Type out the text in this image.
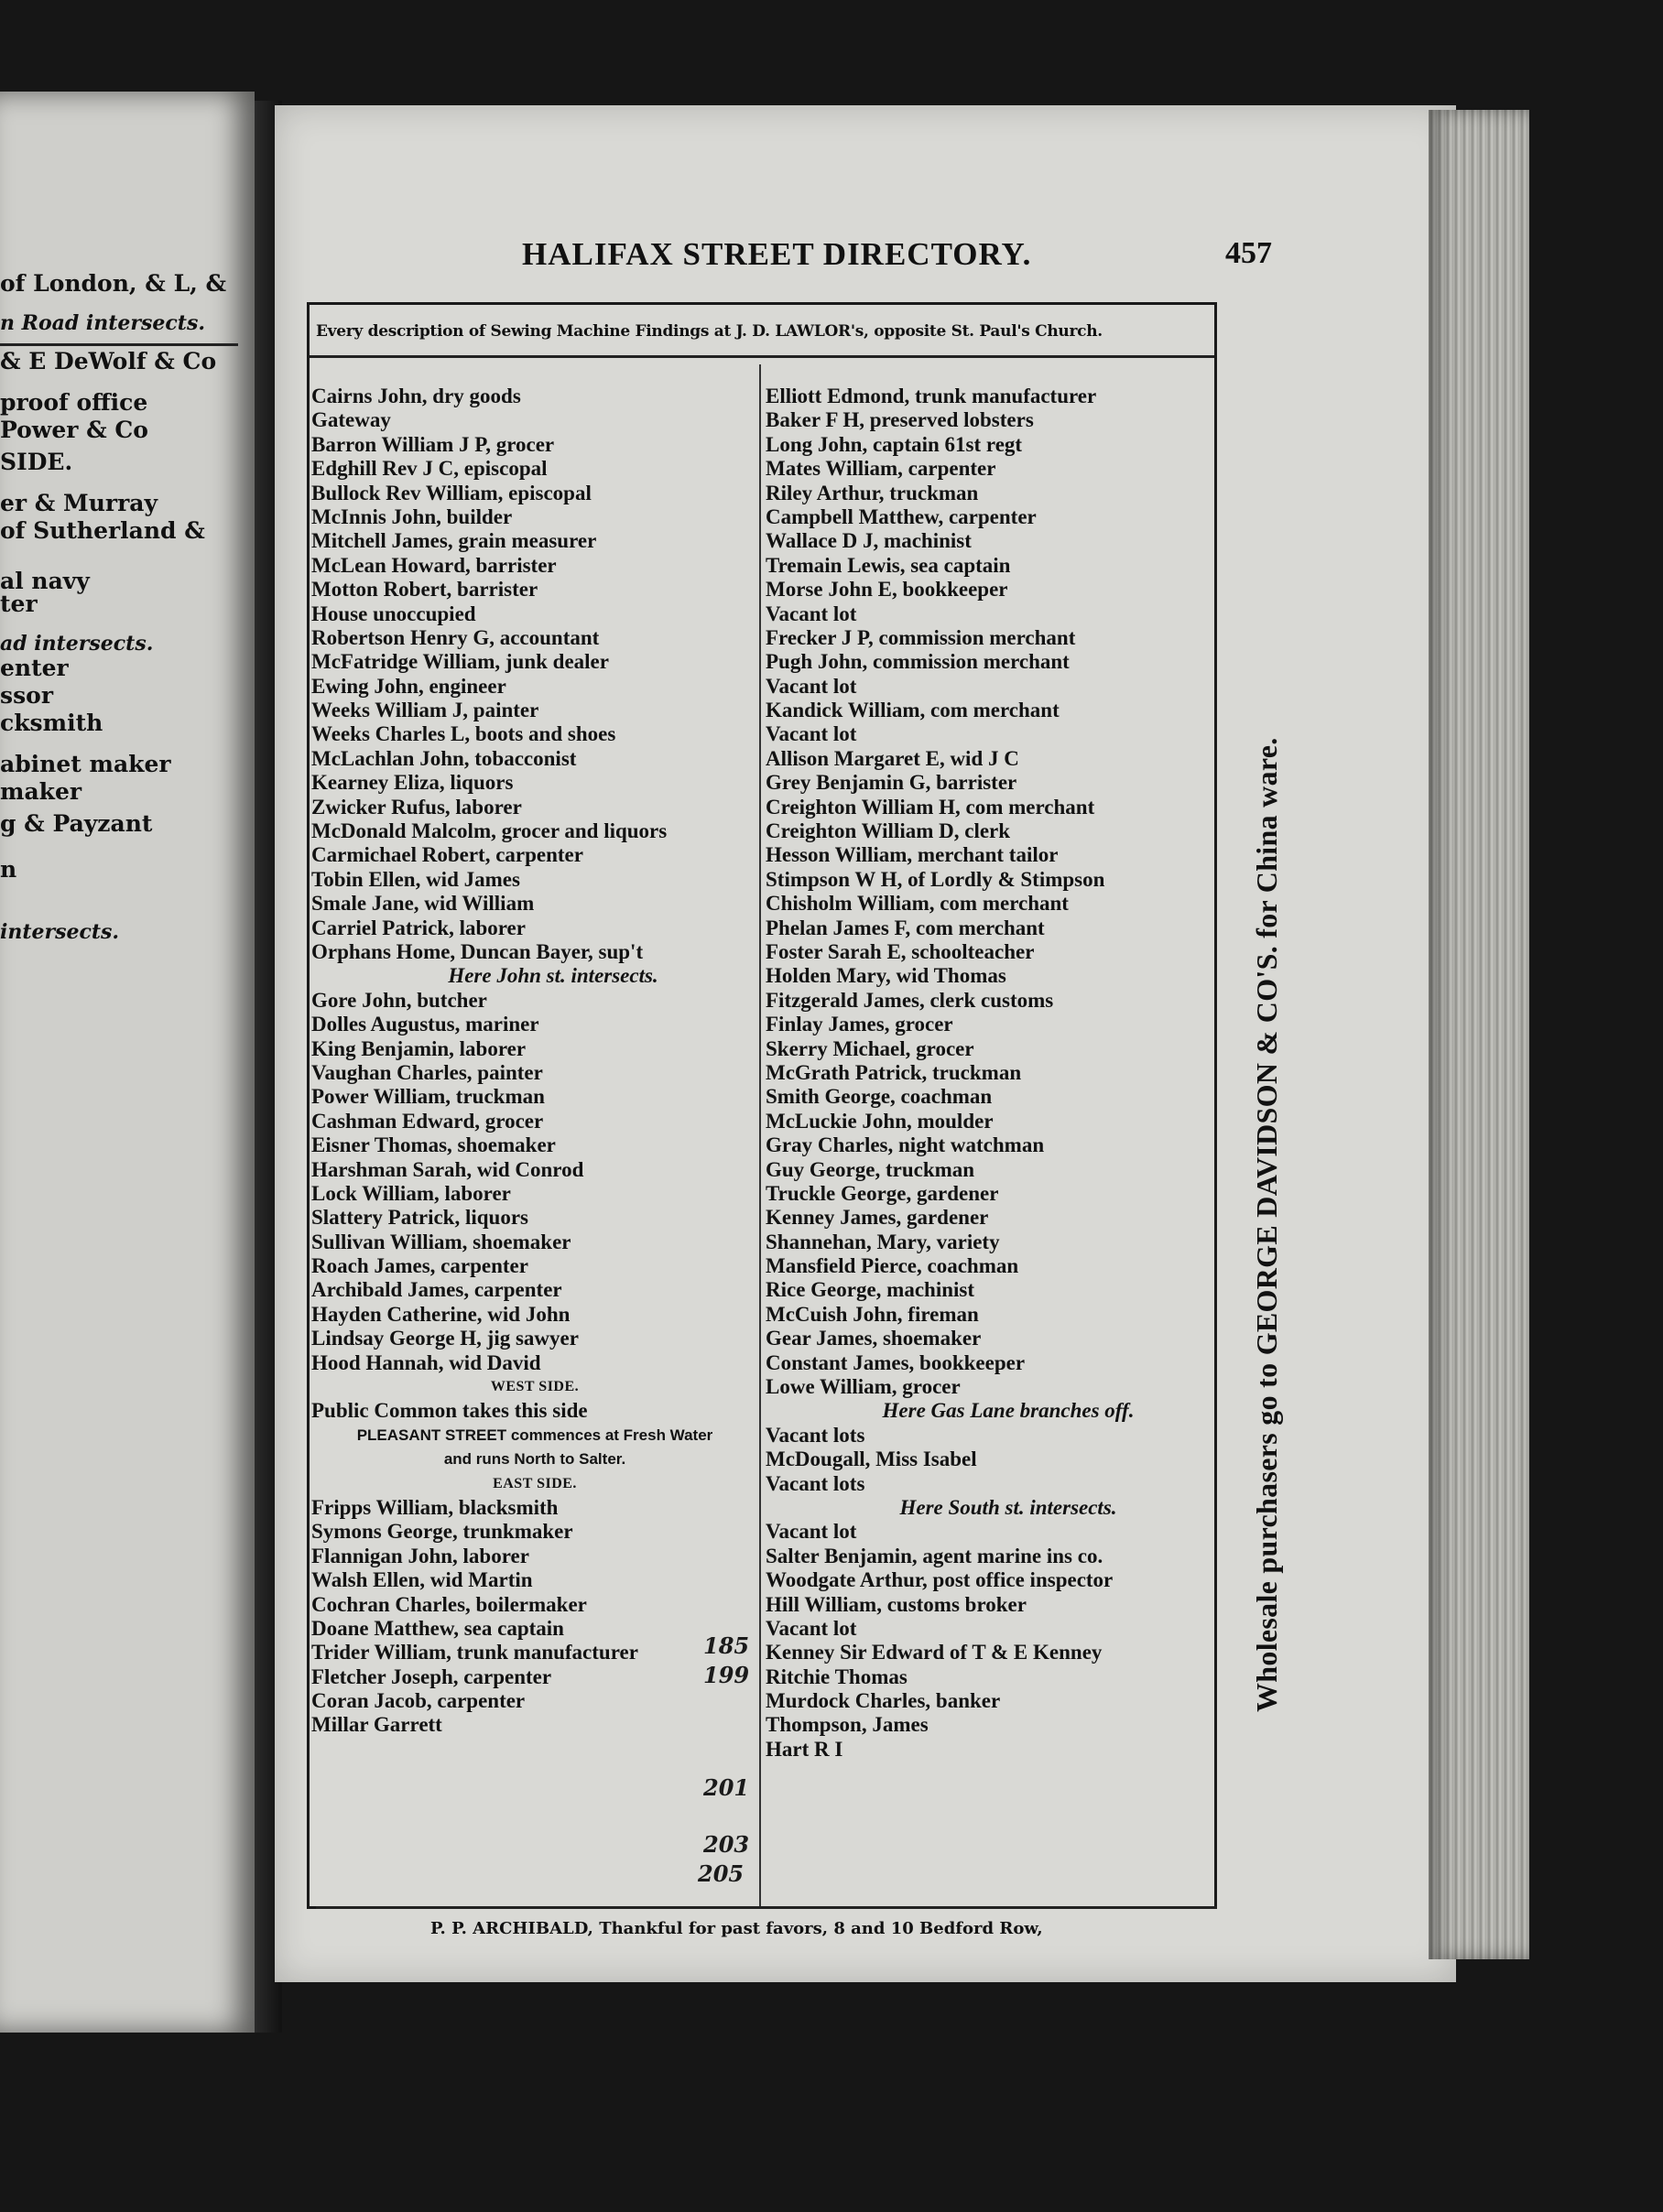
of London, & L, &
n Road intersects.
& E DeWolf & Co
proof office
Power & Co
SIDE.
er & Murray
of Sutherland &
al navy
ter
ad intersects.
enter
ssor
cksmith
abinet maker
maker
g & Payzant
n
intersects.
HALIFAX STREET DIRECTORY.	457
Every description of Sewing Machine Findings at J. D. LAWLOR's, opposite St. Paul's Church.
Cairns John, dry goods
Gateway
Barron William J P, grocer
Edghill Rev J C, episcopal
Bullock Rev William, episcopal
McInnis John, builder
Mitchell James, grain measurer
McLean Howard, barrister
Motton Robert, barrister
House unoccupied
Robertson Henry G, accountant
McFatridge William, junk dealer
Ewing John, engineer
Weeks William J, painter
Weeks Charles L, boots and shoes
McLachlan John, tobacconist
Kearney Eliza, liquors
Zwicker Rufus, laborer
McDonald Malcolm, grocer and liquors
Carmichael Robert, carpenter
Tobin Ellen, wid James
Smale Jane, wid William
Carriel Patrick, laborer
Orphans Home, Duncan Bayer, sup't
Here John st. intersects.
Gore John, butcher
Dolles Augustus, mariner
King Benjamin, laborer
Vaughan Charles, painter
Power William, truckman
Cashman Edward, grocer
Eisner Thomas, shoemaker
Harshman Sarah, wid Conrod
Lock William, laborer
Slattery Patrick, liquors
Sullivan William, shoemaker
Roach James, carpenter
Archibald James, carpenter
Hayden Catherine, wid John
Lindsay George H, jig sawyer
Hood Hannah, wid David
WEST SIDE.
Public Common takes this side
PLEASANT STREET commences at Fresh Water
and runs North to Salter.
EAST SIDE.
Fripps William, blacksmith
Symons George, trunkmaker
Flannigan John, laborer
Walsh Ellen, wid Martin
Cochran Charles, boilermaker
Doane Matthew, sea captain
Trider William, trunk manufacturer
Fletcher Joseph, carpenter
Coran Jacob, carpenter
Millar Garrett
Elliott Edmond, trunk manufacturer
Baker F H, preserved lobsters
Long John, captain 61st regt
Mates William, carpenter
Riley Arthur, truckman
Campbell Matthew, carpenter
Wallace D J, machinist
Tremain Lewis, sea captain
Morse John E, bookkeeper
Vacant lot
Frecker J P, commission merchant
Pugh John, commission merchant
Vacant lot
Kandick William, com merchant
Vacant lot
Allison Margaret E, wid J C
Grey Benjamin G, barrister
Creighton William H, com merchant
Creighton William D, clerk
Hesson William, merchant tailor
Stimpson W H, of Lordly & Stimpson
Chisholm William, com merchant
Phelan James F, com merchant
Foster Sarah E, schoolteacher
Holden Mary, wid Thomas
Fitzgerald James, clerk customs
Finlay James, grocer
Skerry Michael, grocer
McGrath Patrick, truckman
Smith George, coachman
McLuckie John, moulder
Gray Charles, night watchman
Guy George, truckman
Truckle George, gardener
Kenney James, gardener
Shannehan, Mary, variety
Mansfield Pierce, coachman
Rice George, machinist
McCuish John, fireman
Gear James, shoemaker
Constant James, bookkeeper
Lowe William, grocer
Here Gas Lane branches off.
Vacant lots
McDougall, Miss Isabel
Vacant lots
Here South st. intersects.
Vacant lot
Salter Benjamin, agent marine ins co.
Woodgate Arthur, post office inspector
Hill William, customs broker
Vacant lot
Kenney Sir Edward of T & E Kenney
Ritchie Thomas
Murdock Charles, banker
Thompson, James
Hart R I
P. P. ARCHIBALD, Thankful for past favors, 8 and 10 Bedford Row,
Wholesale purchasers go to GEORGE DAVIDSON & CO'S. for China ware.
185
199
201
203
205
